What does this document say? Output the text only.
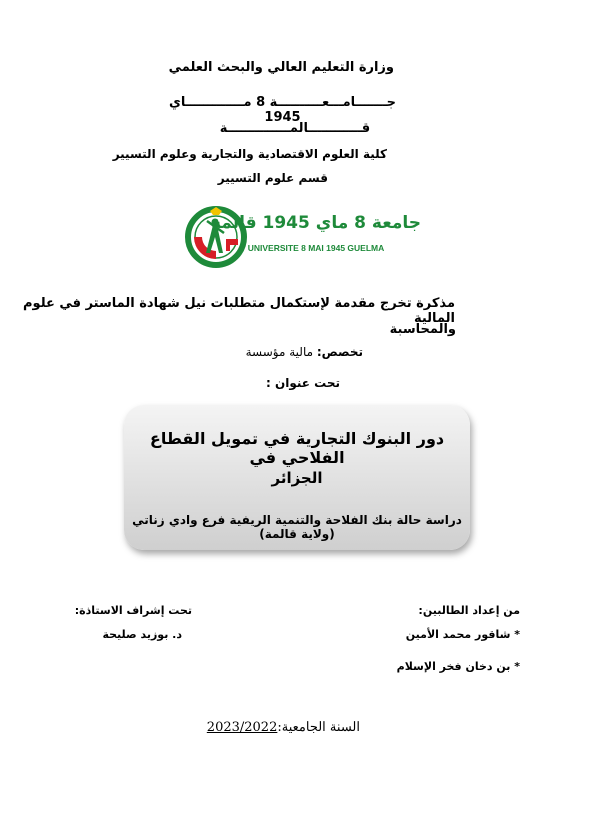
وزارة التعليم العالي والبحث العلمي
جـــــــامـــعــــــــــة 8 مـــــــــــــاي 1945
قــــــــــــالمــــــــــــــة
كلية العلوم الاقتصادية والتجارية وعلوم التسيير
قسم علوم التسيير
جامعة 8 ماي 1945 قالمة
UNIVERSITE 8 MAI 1945 GUELMA
مذكرة تخرج مقدمة لإستكمال متطلبات نيل شهادة الماستر في علوم المالية
والمحاسبة
تخصص: مالية مؤسسة
تحت عنوان :
دور البنوك التجارية في تمويل القطاع الفلاحي في
الجزائر
دراسة حالة بنك الفلاحة والتنمية الريفية فرع وادي زناتي (ولاية قالمة)
من إعداد الطالبين:
* شاقور محمد الأمين
* بن دخان فخر الإسلام
تحت إشراف الاستاذة:
د. بوزيد صليحة
السنة الجامعية:2023/2022
